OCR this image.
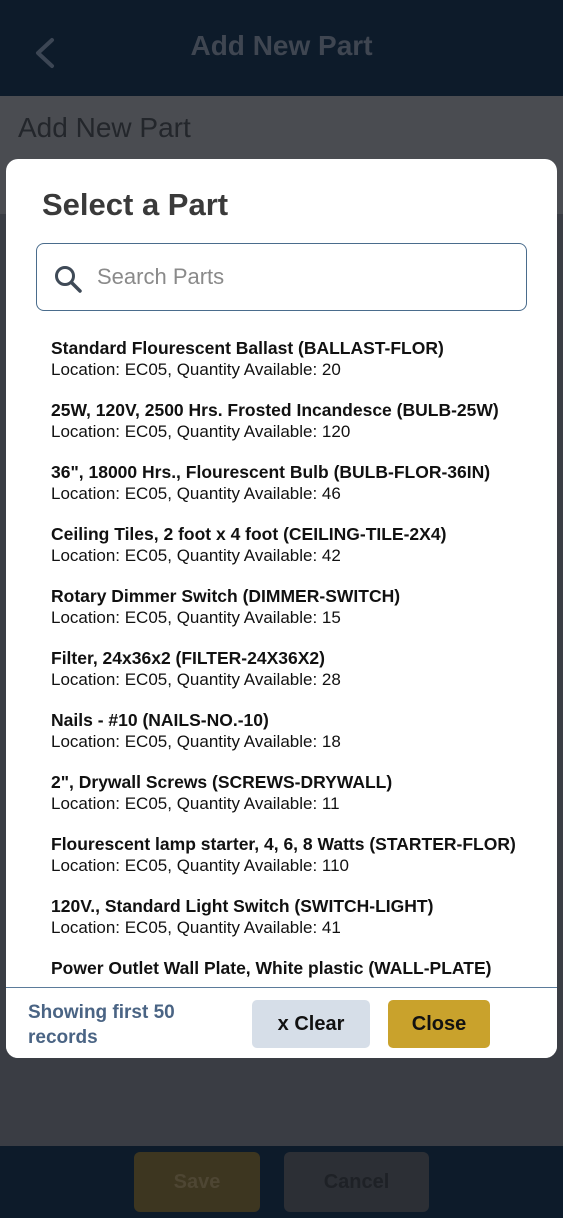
Add New Part
Add New Part
Save	Cancel
Select a Part
Search Parts
Standard Flourescent Ballast (BALLAST-FLOR)
Location: EC05, Quantity Available: 20
25W, 120V, 2500 Hrs. Frosted Incandesce (BULB-25W)
Location: EC05, Quantity Available: 120
36", 18000 Hrs., Flourescent Bulb (BULB-FLOR-36IN)
Location: EC05, Quantity Available: 46
Ceiling Tiles, 2 foot x 4 foot (CEILING-TILE-2X4)
Location: EC05, Quantity Available: 42
Rotary Dimmer Switch (DIMMER-SWITCH)
Location: EC05, Quantity Available: 15
Filter, 24x36x2 (FILTER-24X36X2)
Location: EC05, Quantity Available: 28
Nails - #10 (NAILS-NO.-10)
Location: EC05, Quantity Available: 18
2", Drywall Screws (SCREWS-DRYWALL)
Location: EC05, Quantity Available: 11
Flourescent lamp starter, 4, 6, 8 Watts (STARTER-FLOR)
Location: EC05, Quantity Available: 110
120V., Standard Light Switch (SWITCH-LIGHT)
Location: EC05, Quantity Available: 41
Power Outlet Wall Plate, White plastic (WALL-PLATE)
Showing first 50 records
x Clear	Close
